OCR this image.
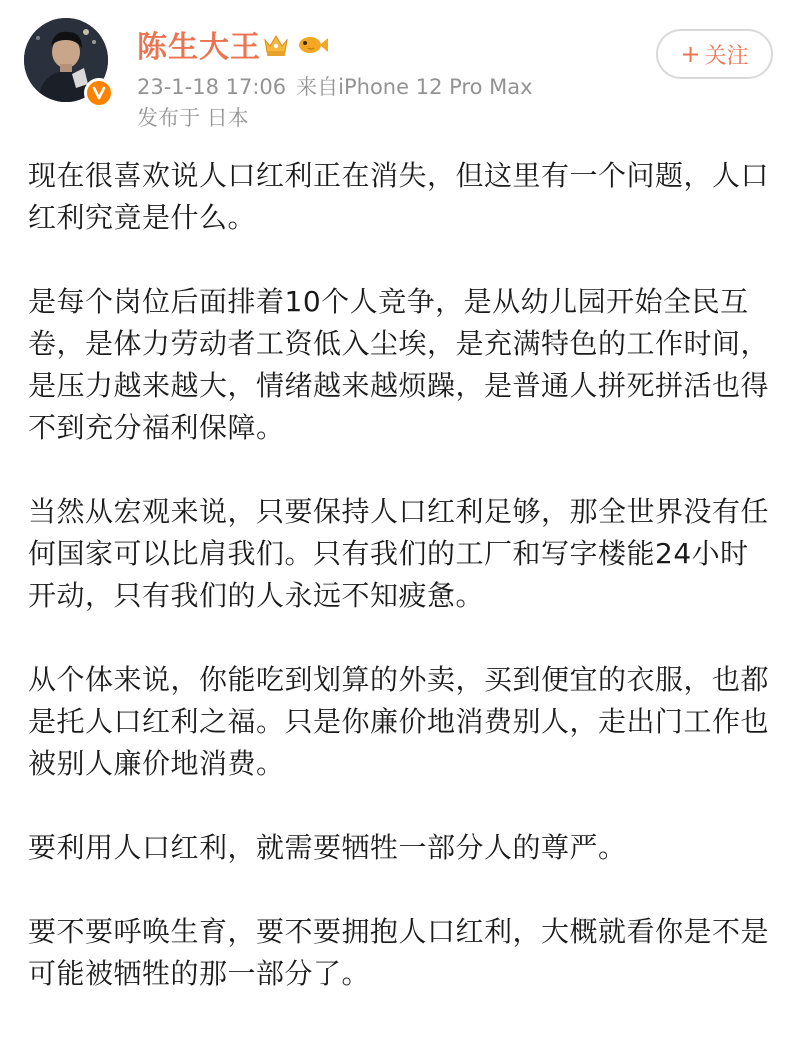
陈生大王
23-1-18 17:06 来自iPhone 12 Pro Max
发布于 日本
+ 关注

现在很喜欢说人口红利正在消失，但这里有一个问题，人口红利究竟是什么。

是每个岗位后面排着10个人竞争，是从幼儿园开始全民互卷，是体力劳动者工资低入尘埃，是充满特色的工作时间，是压力越来越大，情绪越来越烦躁，是普通人拼死拼活也得不到充分福利保障。

当然从宏观来说，只要保持人口红利足够，那全世界没有任何国家可以比肩我们。只有我们的工厂和写字楼能24小时开动，只有我们的人永远不知疲惫。

从个体来说，你能吃到划算的外卖，买到便宜的衣服，也都是托人口红利之福。只是你廉价地消费别人，走出门工作也被别人廉价地消费。

要利用人口红利，就需要牺牲一部分人的尊严。

要不要呼唤生育，要不要拥抱人口红利，大概就看你是不是可能被牺牲的那一部分了。
